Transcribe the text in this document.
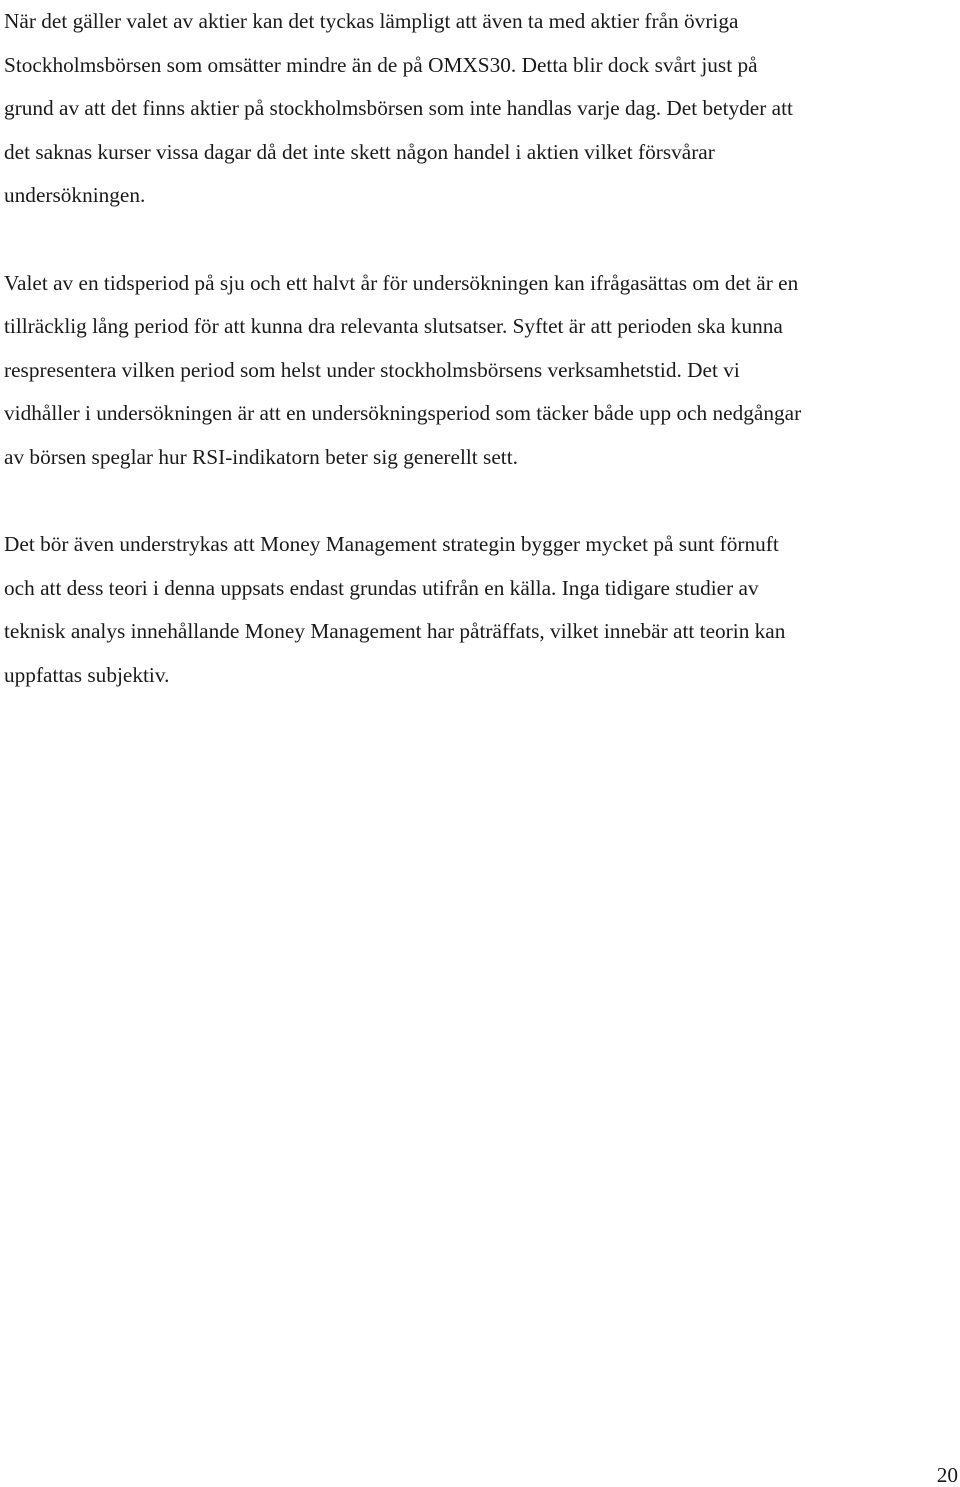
När det gäller valet av aktier kan det tyckas lämpligt att även ta med aktier från övriga
Stockholmsbörsen som omsätter mindre än de på OMXS30. Detta blir dock svårt just på
grund av att det finns aktier på stockholmsbörsen som inte handlas varje dag. Det betyder att
det saknas kurser vissa dagar då det inte skett någon handel i aktien vilket försvårar
undersökningen.

Valet av en tidsperiod på sju och ett halvt år för undersökningen kan ifrågasättas om det är en
tillräcklig lång period för att kunna dra relevanta slutsatser. Syftet är att perioden ska kunna
respresentera vilken period som helst under stockholmsbörsens verksamhetstid. Det vi
vidhåller i undersökningen är att en undersökningsperiod som täcker både upp och nedgångar
av börsen speglar hur RSI-indikatorn beter sig generellt sett.

Det bör även understrykas att Money Management strategin bygger mycket på sunt förnuft
och att dess teori i denna uppsats endast grundas utifrån en källa. Inga tidigare studier av
teknisk analys innehållande Money Management har påträffats, vilket innebär att teorin kan
uppfattas subjektiv.

20
